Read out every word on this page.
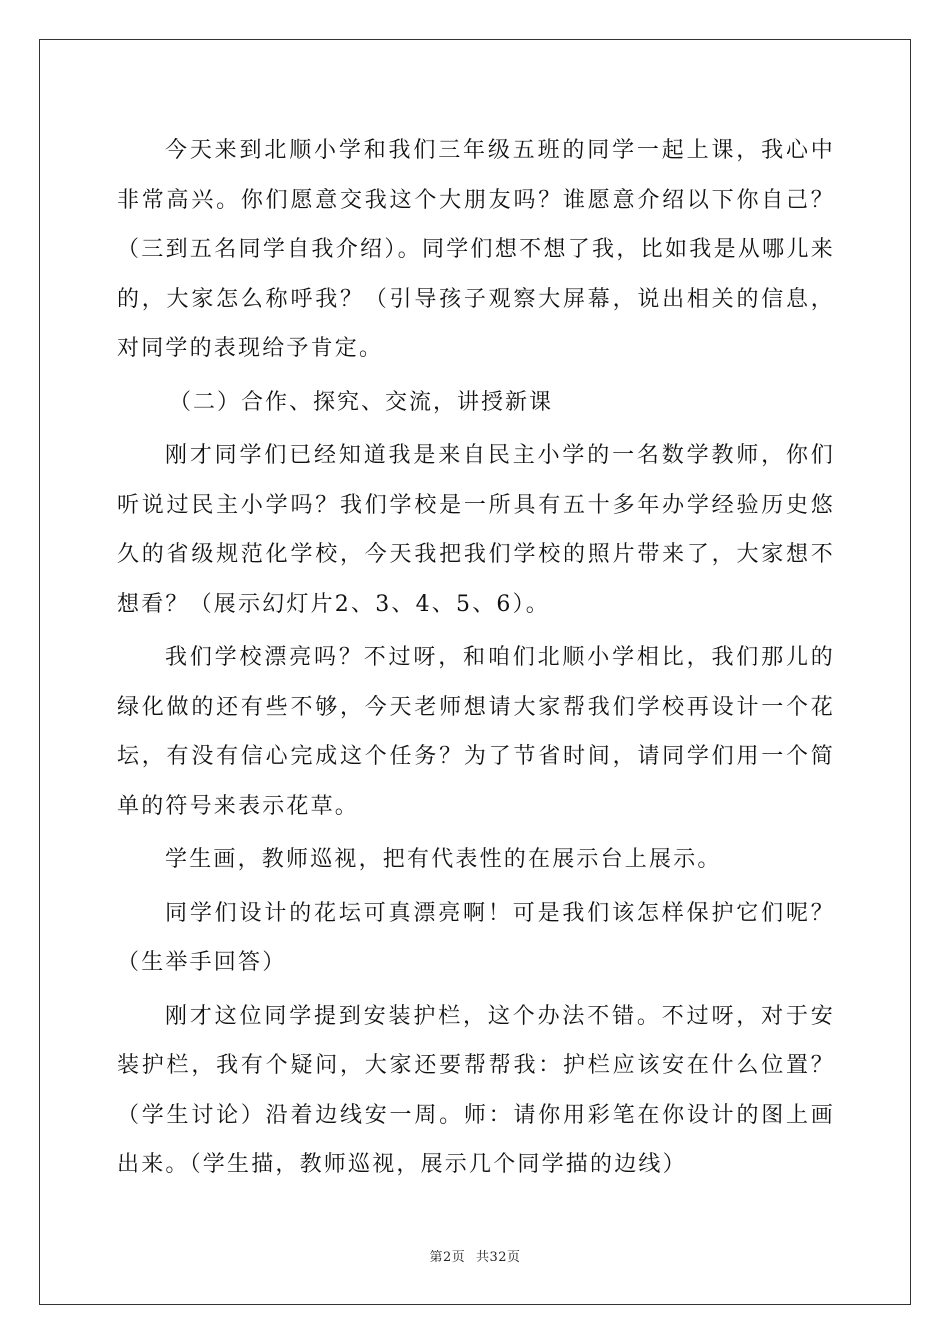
今天来到北顺小学和我们三年级五班的同学一起上课，我心中非常高兴。你们愿意交我这个大朋友吗？谁愿意介绍以下你自己？（三到五名同学自我介绍）。同学们想不想了我，比如我是从哪儿来的，大家怎么称呼我？（引导孩子观察大屏幕，说出相关的信息，对同学的表现给予肯定。

（二）合作、探究、交流，讲授新课

刚才同学们已经知道我是来自民主小学的一名数学教师，你们听说过民主小学吗？我们学校是一所具有五十多年办学经验历史悠久的省级规范化学校，今天我把我们学校的照片带来了，大家想不想看？（展示幻灯片2、3、4、5、6）。

我们学校漂亮吗？不过呀，和咱们北顺小学相比，我们那儿的绿化做的还有些不够，今天老师想请大家帮我们学校再设计一个花坛，有没有信心完成这个任务？为了节省时间，请同学们用一个简单的符号来表示花草。

学生画，教师巡视，把有代表性的在展示台上展示。

同学们设计的花坛可真漂亮啊！可是我们该怎样保护它们呢？（生举手回答）

刚才这位同学提到安装护栏，这个办法不错。不过呀，对于安装护栏，我有个疑问，大家还要帮帮我：护栏应该安在什么位置？（学生讨论）沿着边线安一周。师：请你用彩笔在你设计的图上画出来。（学生描，教师巡视，展示几个同学描的边线）

第2页 共32页
